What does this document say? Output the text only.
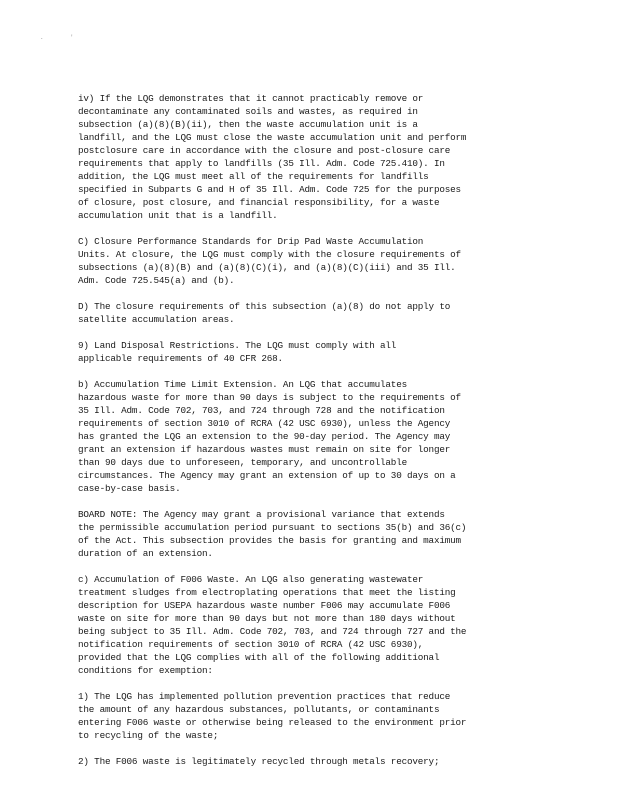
.	'

iv) If the LQG demonstrates that it cannot practicably remove or
decontaminate any contaminated soils and wastes, as required in
subsection (a)(8)(B)(ii), then the waste accumulation unit is a
landfill, and the LQG must close the waste accumulation unit and perform
postclosure care in accordance with the closure and post-closure care
requirements that apply to landfills (35 Ill. Adm. Code 725.410). In
addition, the LQG must meet all of the requirements for landfills
specified in Subparts G and H of 35 Ill. Adm. Code 725 for the purposes
of closure, post closure, and financial responsibility, for a waste
accumulation unit that is a landfill.

C) Closure Performance Standards for Drip Pad Waste Accumulation
Units. At closure, the LQG must comply with the closure requirements of
subsections (a)(8)(B) and (a)(8)(C)(i), and (a)(8)(C)(iii) and 35 Ill.
Adm. Code 725.545(a) and (b).

D) The closure requirements of this subsection (a)(8) do not apply to
satellite accumulation areas.

9) Land Disposal Restrictions. The LQG must comply with all
applicable requirements of 40 CFR 268.

b) Accumulation Time Limit Extension. An LQG that accumulates
hazardous waste for more than 90 days is subject to the requirements of
35 Ill. Adm. Code 702, 703, and 724 through 728 and the notification
requirements of section 3010 of RCRA (42 USC 6930), unless the Agency
has granted the LQG an extension to the 90-day period. The Agency may
grant an extension if hazardous wastes must remain on site for longer
than 90 days due to unforeseen, temporary, and uncontrollable
circumstances. The Agency may grant an extension of up to 30 days on a
case-by-case basis.

BOARD NOTE: The Agency may grant a provisional variance that extends
the permissible accumulation period pursuant to sections 35(b) and 36(c)
of the Act. This subsection provides the basis for granting and maximum
duration of an extension.

c) Accumulation of F006 Waste. An LQG also generating wastewater
treatment sludges from electroplating operations that meet the listing
description for USEPA hazardous waste number F006 may accumulate F006
waste on site for more than 90 days but not more than 180 days without
being subject to 35 Ill. Adm. Code 702, 703, and 724 through 727 and the
notification requirements of section 3010 of RCRA (42 USC 6930),
provided that the LQG complies with all of the following additional
conditions for exemption:

1) The LQG has implemented pollution prevention practices that reduce
the amount of any hazardous substances, pollutants, or contaminants
entering F006 waste or otherwise being released to the environment prior
to recycling of the waste;

2) The F006 waste is legitimately recycled through metals recovery;
